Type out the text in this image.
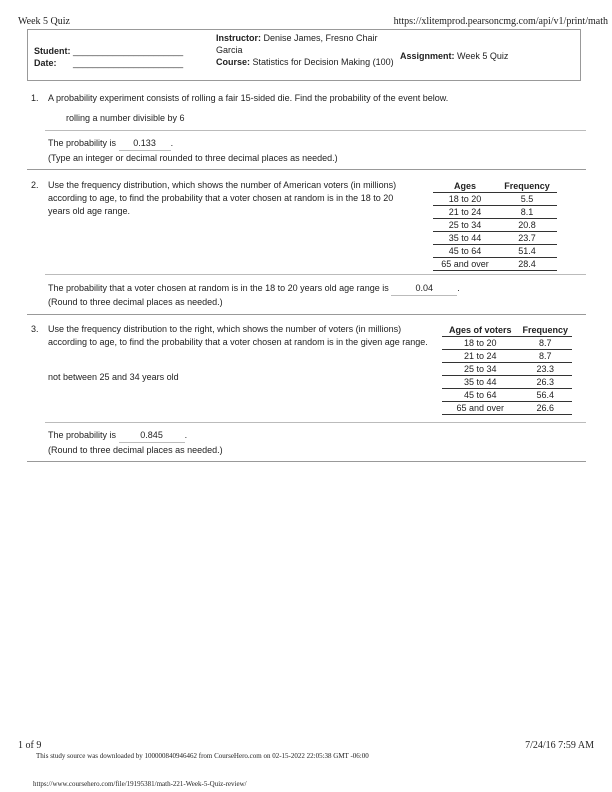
Week 5 Quiz	https://xlitemprod.pearsoncmg.com/api/v1/print/math
Student: ______________________
Date: ______________________
Instructor: Denise James, Fresno Chair Garcia
Course: Statistics for Decision Making (100)
Assignment: Week 5 Quiz
1. A probability experiment consists of rolling a fair 15-sided die. Find the probability of the event below.
rolling a number divisible by 6
The probability is 0.133 .
(Type an integer or decimal rounded to three decimal places as needed.)
2. Use the frequency distribution, which shows the number of American voters (in millions) according to age, to find the probability that a voter chosen at random is in the 18 to 20 years old age range.
Ages	Frequency
18 to 20	5.5
21 to 24	8.1
25 to 34	20.8
35 to 44	23.7
45 to 64	51.4
65 and over	28.4
The probability that a voter chosen at random is in the 18 to 20 years old age range is	0.04	.
(Round to three decimal places as needed.)
3. Use the frequency distribution to the right, which shows the number of voters (in millions) according to age, to find the probability that a voter chosen at random is in the given age range.
not between 25 and 34 years old
Ages of voters	Frequency
18 to 20	8.7
21 to 24	8.7
25 to 34	23.3
35 to 44	26.3
45 to 64	56.4
65 and over	26.6
The probability is	0.845 .
(Round to three decimal places as needed.)
1 of 9	7/24/16 7:59 AM
This study source was downloaded by 100000840946462 from CourseHero.com on 02-15-2022 22:05:38 GMT -06:00
https://www.coursehero.com/file/19195381/math-221-Week-5-Quiz-review/
